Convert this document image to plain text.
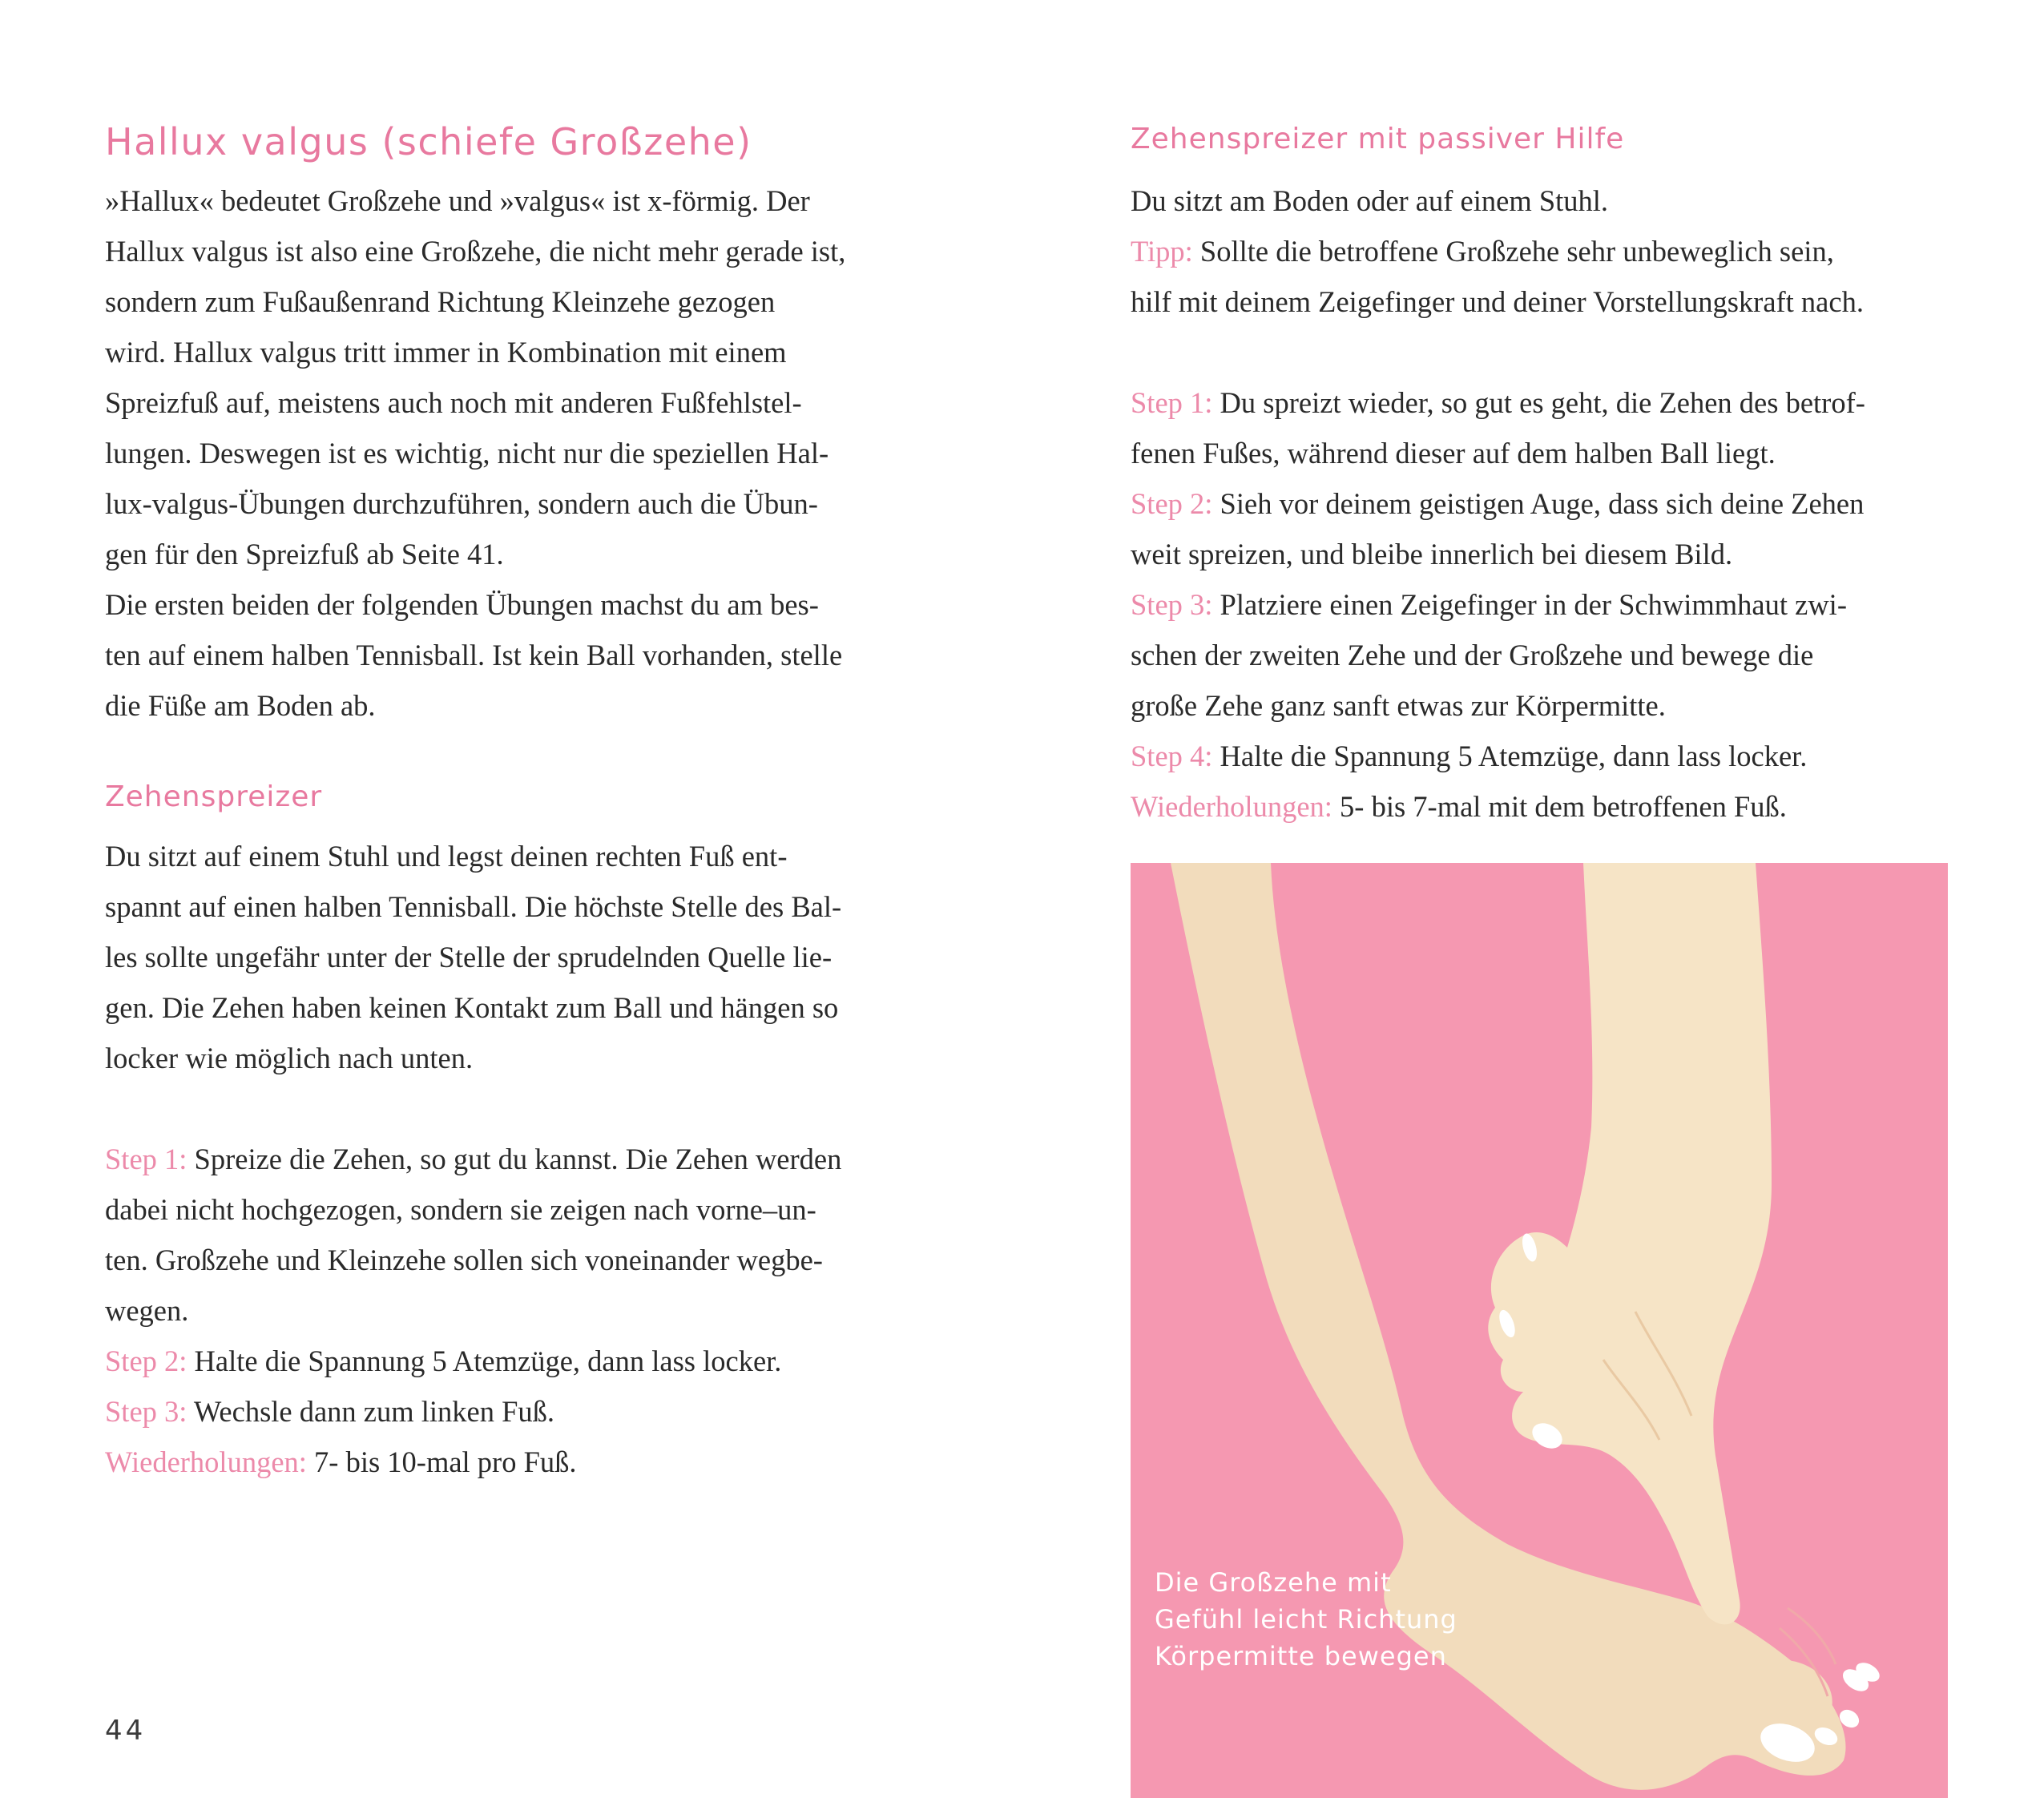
Hallux valgus (schiefe Großzehe)
»Hallux« bedeutet Großzehe und »valgus« ist x-förmig. Der
Hallux valgus ist also eine Großzehe, die nicht mehr gerade ist,
sondern zum Fußaußenrand Richtung Kleinzehe gezogen
wird. Hallux valgus tritt immer in Kombination mit einem
Spreizfuß auf, meistens auch noch mit anderen Fußfehlstel-
lungen. Deswegen ist es wichtig, nicht nur die speziellen Hal-
lux-valgus-Übungen durchzuführen, sondern auch die Übun-
gen für den Spreizfuß ab Seite 41.
Die ersten beiden der folgenden Übungen machst du am bes-
ten auf einem halben Tennisball. Ist kein Ball vorhanden, stelle
die Füße am Boden ab.
Zehenspreizer
Du sitzt auf einem Stuhl und legst deinen rechten Fuß ent-
spannt auf einen halben Tennisball. Die höchste Stelle des Bal-
les sollte ungefähr unter der Stelle der sprudelnden Quelle lie-
gen. Die Zehen haben keinen Kontakt zum Ball und hängen so
locker wie möglich nach unten.
Step 1: Spreize die Zehen, so gut du kannst. Die Zehen werden
dabei nicht hochgezogen, sondern sie zeigen nach vorne–un-
ten. Großzehe und Kleinzehe sollen sich voneinander wegbe-
wegen.
Step 2: Halte die Spannung 5 Atemzüge, dann lass locker.
Step 3: Wechsle dann zum linken Fuß.
Wiederholungen: 7- bis 10-mal pro Fuß.
44
Zehenspreizer mit passiver Hilfe
Du sitzt am Boden oder auf einem Stuhl.
Tipp: Sollte die betroffene Großzehe sehr unbeweglich sein,
hilf mit deinem Zeigefinger und deiner Vorstellungskraft nach.
Step 1: Du spreizt wieder, so gut es geht, die Zehen des betrof-
fenen Fußes, während dieser auf dem halben Ball liegt.
Step 2: Sieh vor deinem geistigen Auge, dass sich deine Zehen
weit spreizen, und bleibe innerlich bei diesem Bild.
Step 3: Platziere einen Zeigefinger in der Schwimmhaut zwi-
schen der zweiten Zehe und der Großzehe und bewege die
große Zehe ganz sanft etwas zur Körpermitte.
Step 4: Halte die Spannung 5 Atemzüge, dann lass locker.
Wiederholungen: 5- bis 7-mal mit dem betroffenen Fuß.
Die Großzehe mit
Gefühl leicht Richtung
Körpermitte bewegen
